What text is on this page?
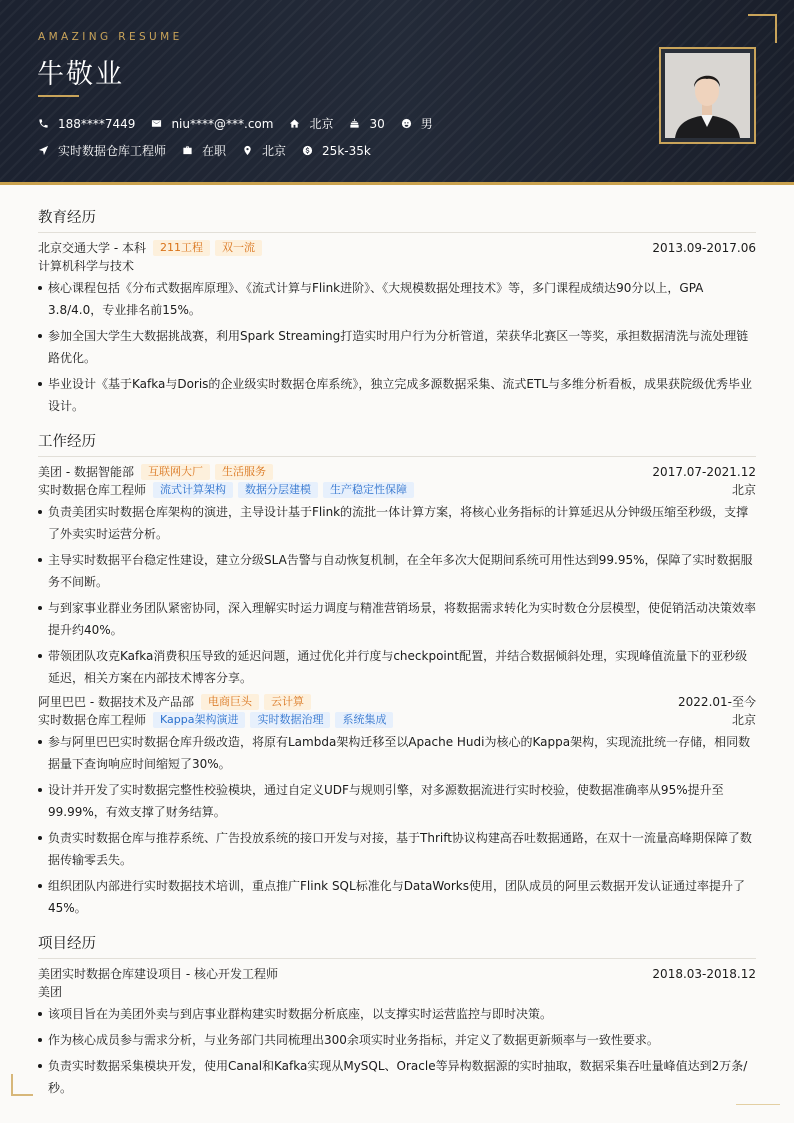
AMAZING RESUME
牛敬业
188****7449	niu****@***.com	北京	30	男
实时数据仓库工程师	在职	北京	25k-35k
教育经历
北京交通大学 - 本科	211工程	双一流	2013.09-2017.06
计算机科学与技术
核心课程包括《分布式数据库原理》、《流式计算与Flink进阶》、《大规模数据处理技术》等，多门课程成绩达90分以上，GPA 3.8/4.0，专业排名前15%。
参加全国大学生大数据挑战赛，利用Spark Streaming打造实时用户行为分析管道，荣获华北赛区一等奖，承担数据清洗与流处理链路优化。
毕业设计《基于Kafka与Doris的企业级实时数据仓库系统》，独立完成多源数据采集、流式ETL与多维分析看板，成果获院级优秀毕业设计。
工作经历
美团 - 数据智能部	互联网大厂	生活服务	2017.07-2021.12
实时数据仓库工程师	流式计算架构	数据分层建模	生产稳定性保障	北京
负责美团实时数据仓库架构的演进，主导设计基于Flink的流批一体计算方案，将核心业务指标的计算延迟从分钟级压缩至秒级，支撑了外卖实时运营分析。
主导实时数据平台稳定性建设，建立分级SLA告警与自动恢复机制，在全年多次大促期间系统可用性达到99.95%，保障了实时数据服务不间断。
与到家事业群业务团队紧密协同，深入理解实时运力调度与精准营销场景，将数据需求转化为实时数仓分层模型，使促销活动决策效率提升约40%。
带领团队攻克Kafka消费积压导致的延迟问题，通过优化并行度与checkpoint配置，并结合数据倾斜处理，实现峰值流量下的亚秒级延迟，相关方案在内部技术博客分享。
阿里巴巴 - 数据技术及产品部	电商巨头	云计算	2022.01-至今
实时数据仓库工程师	Kappa架构演进	实时数据治理	系统集成	北京
参与阿里巴巴实时数据仓库升级改造，将原有Lambda架构迁移至以Apache Hudi为核心的Kappa架构，实现流批统一存储，相同数据量下查询响应时间缩短了30%。
设计并开发了实时数据完整性校验模块，通过自定义UDF与规则引擎，对多源数据流进行实时校验，使数据准确率从95%提升至99.99%，有效支撑了财务结算。
负责实时数据仓库与推荐系统、广告投放系统的接口开发与对接，基于Thrift协议构建高吞吐数据通路，在双十一流量高峰期保障了数据传输零丢失。
组织团队内部进行实时数据技术培训，重点推广Flink SQL标准化与DataWorks使用，团队成员的阿里云数据开发认证通过率提升了45%。
项目经历
美团实时数据仓库建设项目 - 核心开发工程师	2018.03-2018.12
美团
该项目旨在为美团外卖与到店事业群构建实时数据分析底座，以支撑实时运营监控与即时决策。
作为核心成员参与需求分析，与业务部门共同梳理出300余项实时业务指标，并定义了数据更新频率与一致性要求。
负责实时数据采集模块开发，使用Canal和Kafka实现从MySQL、Oracle等异构数据源的实时抽取，数据采集吞吐量峰值达到2万条/秒。
